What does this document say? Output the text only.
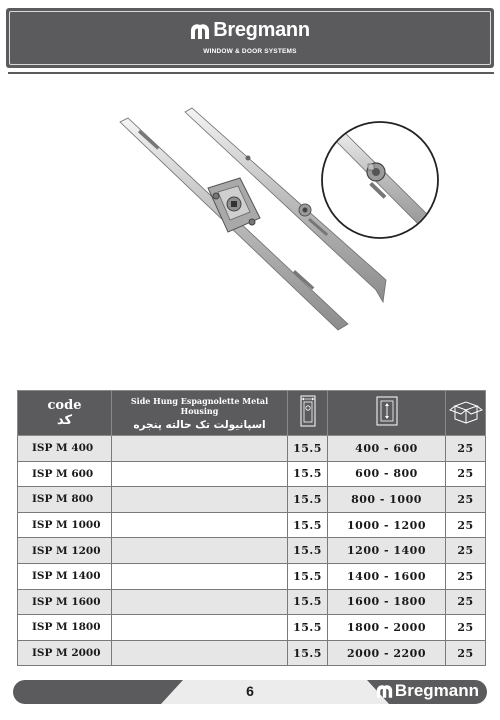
Bregmann
WINDOW & DOOR SYSTEMS
code
کد	Side Hung Espagnolette Metal Housing
اسپانیولت تک حالته پنجره

ISP M 400		15.5	400 - 600	25
ISP M 600		15.5	600 - 800	25
ISP M 800		15.5	800 - 1000	25
ISP M 1000		15.5	1000 - 1200	25
ISP M 1200		15.5	1200 - 1400	25
ISP M 1400		15.5	1400 - 1600	25
ISP M 1600		15.5	1600 - 1800	25
ISP M 1800		15.5	1800 - 2000	25
ISP M 2000		15.5	2000 - 2200	25
6	Bregmann
